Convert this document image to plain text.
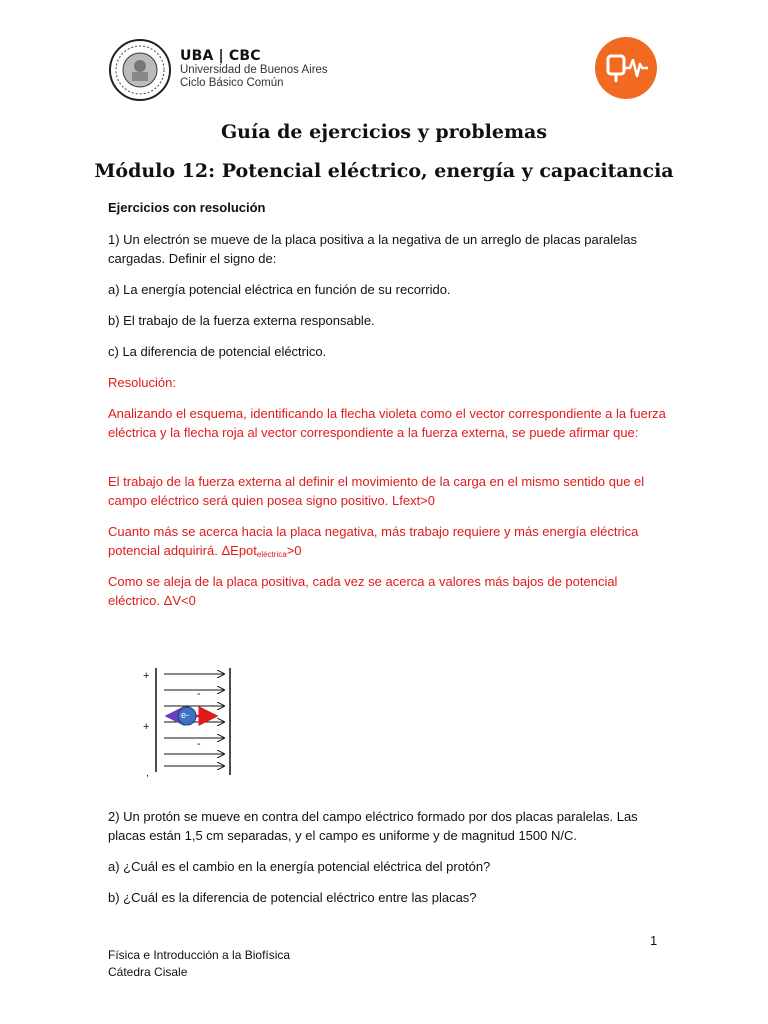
UBA | CBC
Universidad de Buenos Aires
Ciclo Básico Común
Guía de ejercicios y problemas
Módulo 12: Potencial eléctrico, energía y capacitancia
Ejercicios con resolución
1) Un electrón se mueve de la placa positiva a la negativa de un arreglo de placas paralelas cargadas. Definir el signo de:
a) La energía potencial eléctrica en función de su recorrido.
b) El trabajo de la fuerza externa responsable.
c) La diferencia de potencial eléctrico.
Resolución:
Analizando el esquema, identificando la flecha violeta como el vector correspondiente a la fuerza eléctrica y la flecha roja al vector correspondiente a la fuerza externa, se puede afirmar que:
El trabajo de la fuerza externa al definir el movimiento de la carga en el mismo sentido que el campo eléctrico será quien posea signo positivo. Lfext>0
Cuanto más se acerca hacia la placa negativa, más trabajo requiere y más energía eléctrica potencial adquirirá. ΔEpot$_{eléctrica}$>0
Como se aleja de la placa positiva, cada vez se acerca a valores más bajos de potencial eléctrico. ΔV<0
+
+
-
-
e-
,
2) Un protón se mueve en contra del campo eléctrico formado por dos placas paralelas. Las placas están 1,5 cm separadas, y el campo es uniforme y de magnitud 1500 N/C.
a) ¿Cuál es el cambio en la energía potencial eléctrica del protón?
b) ¿Cuál es la diferencia de potencial eléctrico entre las placas?
1
Física e Introducción a la Biofísica
Cátedra Cisale
